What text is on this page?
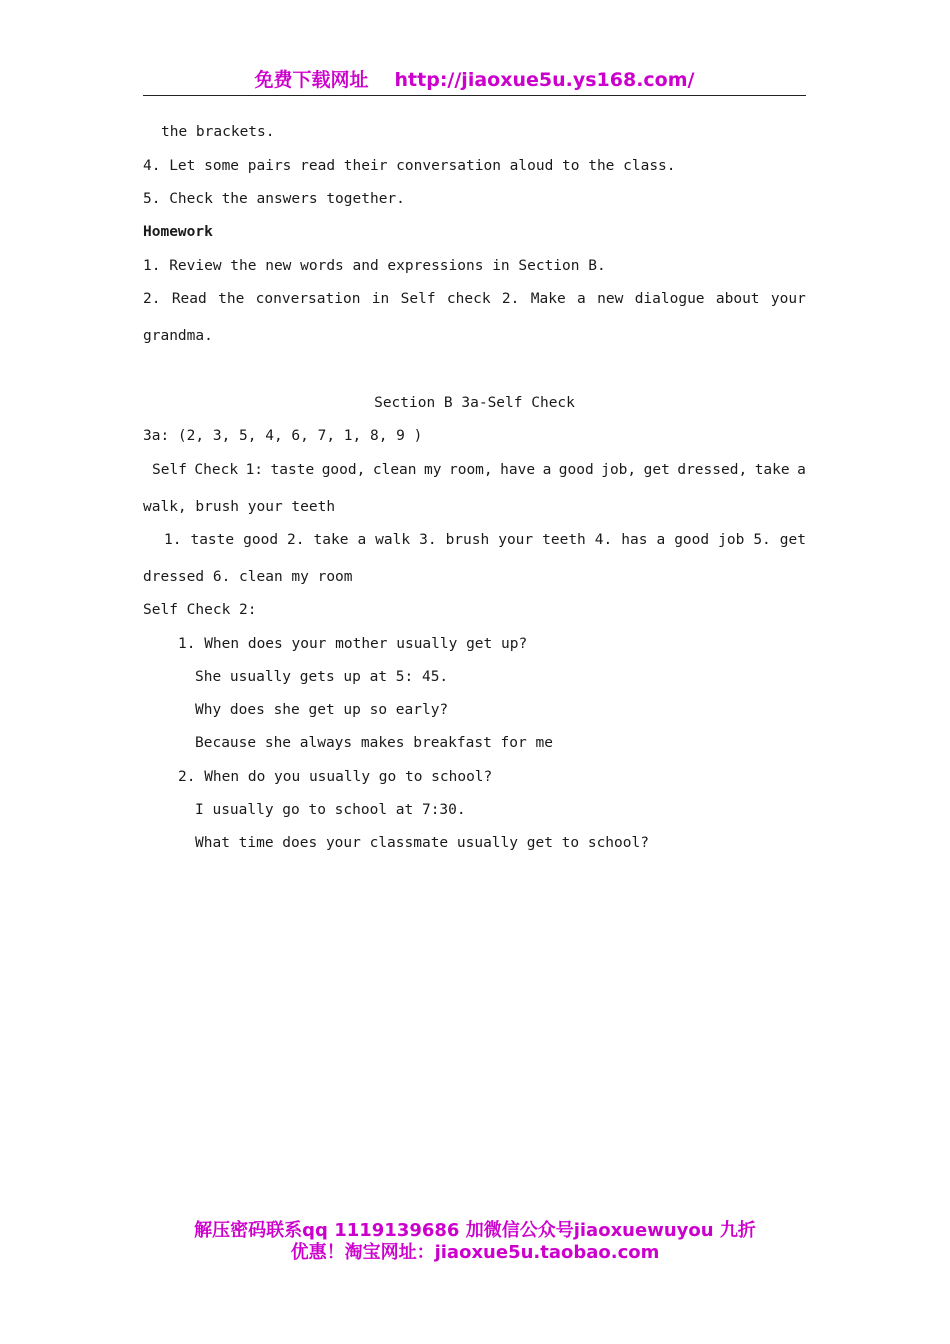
免费下载网址 http://jiaoxue5u.ys168.com/
the brackets.
4. Let some pairs read their conversation aloud to the class.
5. Check the answers together.
Homework
1. Review the new words and expressions in Section B.
2. Read the conversation in Self check 2. Make a new dialogue about your
grandma.
Section B 3a-Self Check
3a: (2, 3, 5, 4, 6, 7, 1, 8, 9 )
Self Check 1: taste good, clean my room, have a good job, get dressed, take a
walk, brush your teeth
1. taste good 2. take a walk 3. brush your teeth 4. has a good job 5. get
dressed 6. clean my room
Self Check 2:
1. When does your mother usually get up?
She usually gets up at 5: 45.
Why does she get up so early?
Because she always makes breakfast for me
2. When do you usually go to school?
I usually go to school at 7:30.
What time does your classmate usually get to school?
解压密码联系qq 1119139686 加微信公众号jiaoxuewuyou 九折
优惠！淘宝网址：jiaoxue5u.taobao.com
